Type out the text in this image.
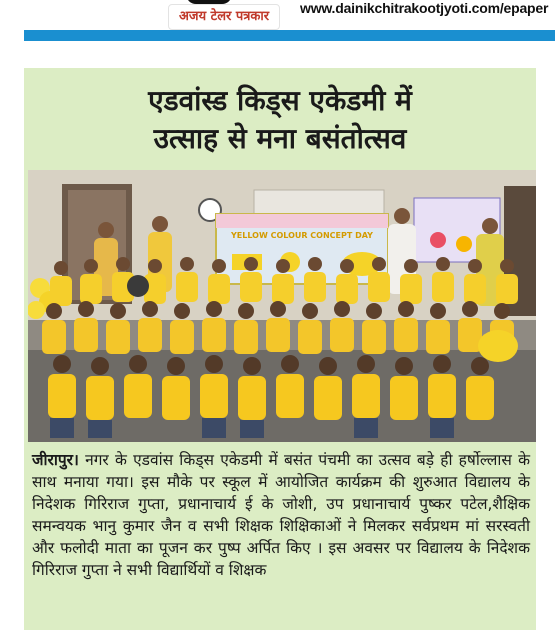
अजय टेलर पत्रकार
www.dainikchitrakootjyoti.com/epaper
एडवांस्ड किड्स एकेडमी में
उत्साह से मना बसंतोत्सव
YELLOW COLOUR CONCEPT DAY
जीरापुर। नगर के एडवांस किड्स एकेडमी में बसंत पंचमी का उत्सव बड़े ही हर्षोल्लास के साथ मनाया गया। इस मौके पर स्कूल में आयोजित कार्यक्रम की शुरुआत विद्यालय के निदेशक गिरिराज गुप्ता, प्रधानाचार्य ई के जोशी, उप प्रधानाचार्य पुष्कर पटेल,शैक्षिक समन्वयक भानु कुमार जैन व सभी शिक्षक शिक्षिकाओं ने मिलकर सर्वप्रथम मां सरस्वती और फलोदी माता का पूजन कर पुष्प अर्पित किए । इस अवसर पर विद्यालय के निदेशक गिरिराज गुप्ता ने सभी विद्यार्थियों व शिक्षक
